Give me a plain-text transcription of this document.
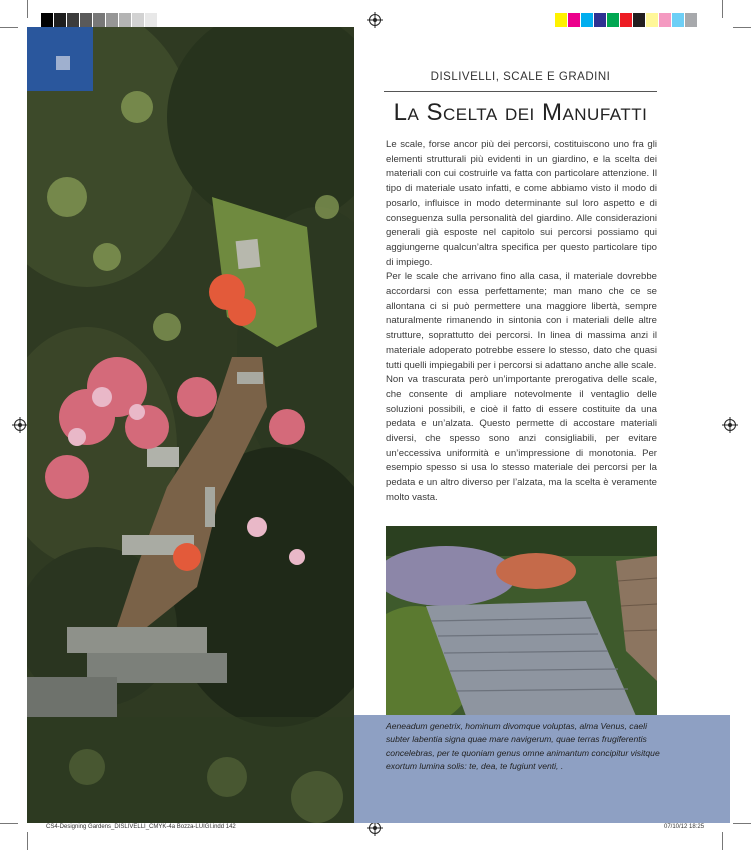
DISLIVELLI, SCALE E GRADINI
La Scelta dei Manufatti

Le scale, forse ancor più dei percorsi, costituiscono uno fra gli elementi strutturali più evidenti in un giardino, e la scelta dei materiali con cui costruirle va fatta con particolare attenzione. Il tipo di materiale usato infatti, e come abbiamo visto il modo di posarlo, influisce in modo determinante sul loro aspetto e di conseguenza sulla personalità del giardino. Alle considerazioni generali già esposte nel capitolo sui percorsi possiamo qui aggiungerne qualcun’altra specifica per questo particolare tipo di impiego.

Per le scale che arrivano fino alla casa, il materiale dovrebbe accordarsi con essa perfettamente; man mano che ce se allontana ci si può permettere una maggiore libertà, sempre naturalmente rimanendo in sintonia con i materiali delle altre strutture, soprattutto dei percorsi. In linea di massima anzi il materiale adoperato potrebbe essere lo stesso, dato che quasi tutti quelli impiegabili per i percorsi si adattano anche alle scale.

Non va trascurata però un’importante prerogativa delle scale, che consente di ampliare notevolmente il ventaglio delle soluzioni possibili, e cioè il fatto di essere costituite da una pedata e un’alzata. Questo permette di accostare materiali diversi, che spesso sono anzi consigliabili, per evitare un’eccessiva uniformità e un’impressione di monotonia. Per esempio spesso si usa lo stesso materiale dei percorsi per la pedata e un altro diverso per l’alzata, ma la scelta è veramente molto vasta.

Aeneadum genetrix, hominum divomque voluptas, alma Venus, caeli subter labentia signa quae mare navigerum, quae terras frugiferentis concelebras, per te quoniam genus omne animantum concipitur visitque exortum lumina solis: te, dea, te fugiunt venti, .
CS4-Designing Gardens_DISLIVELLI_CMYK-4a Bozza-LUIGI.indd 142	07/10/12 18:25
